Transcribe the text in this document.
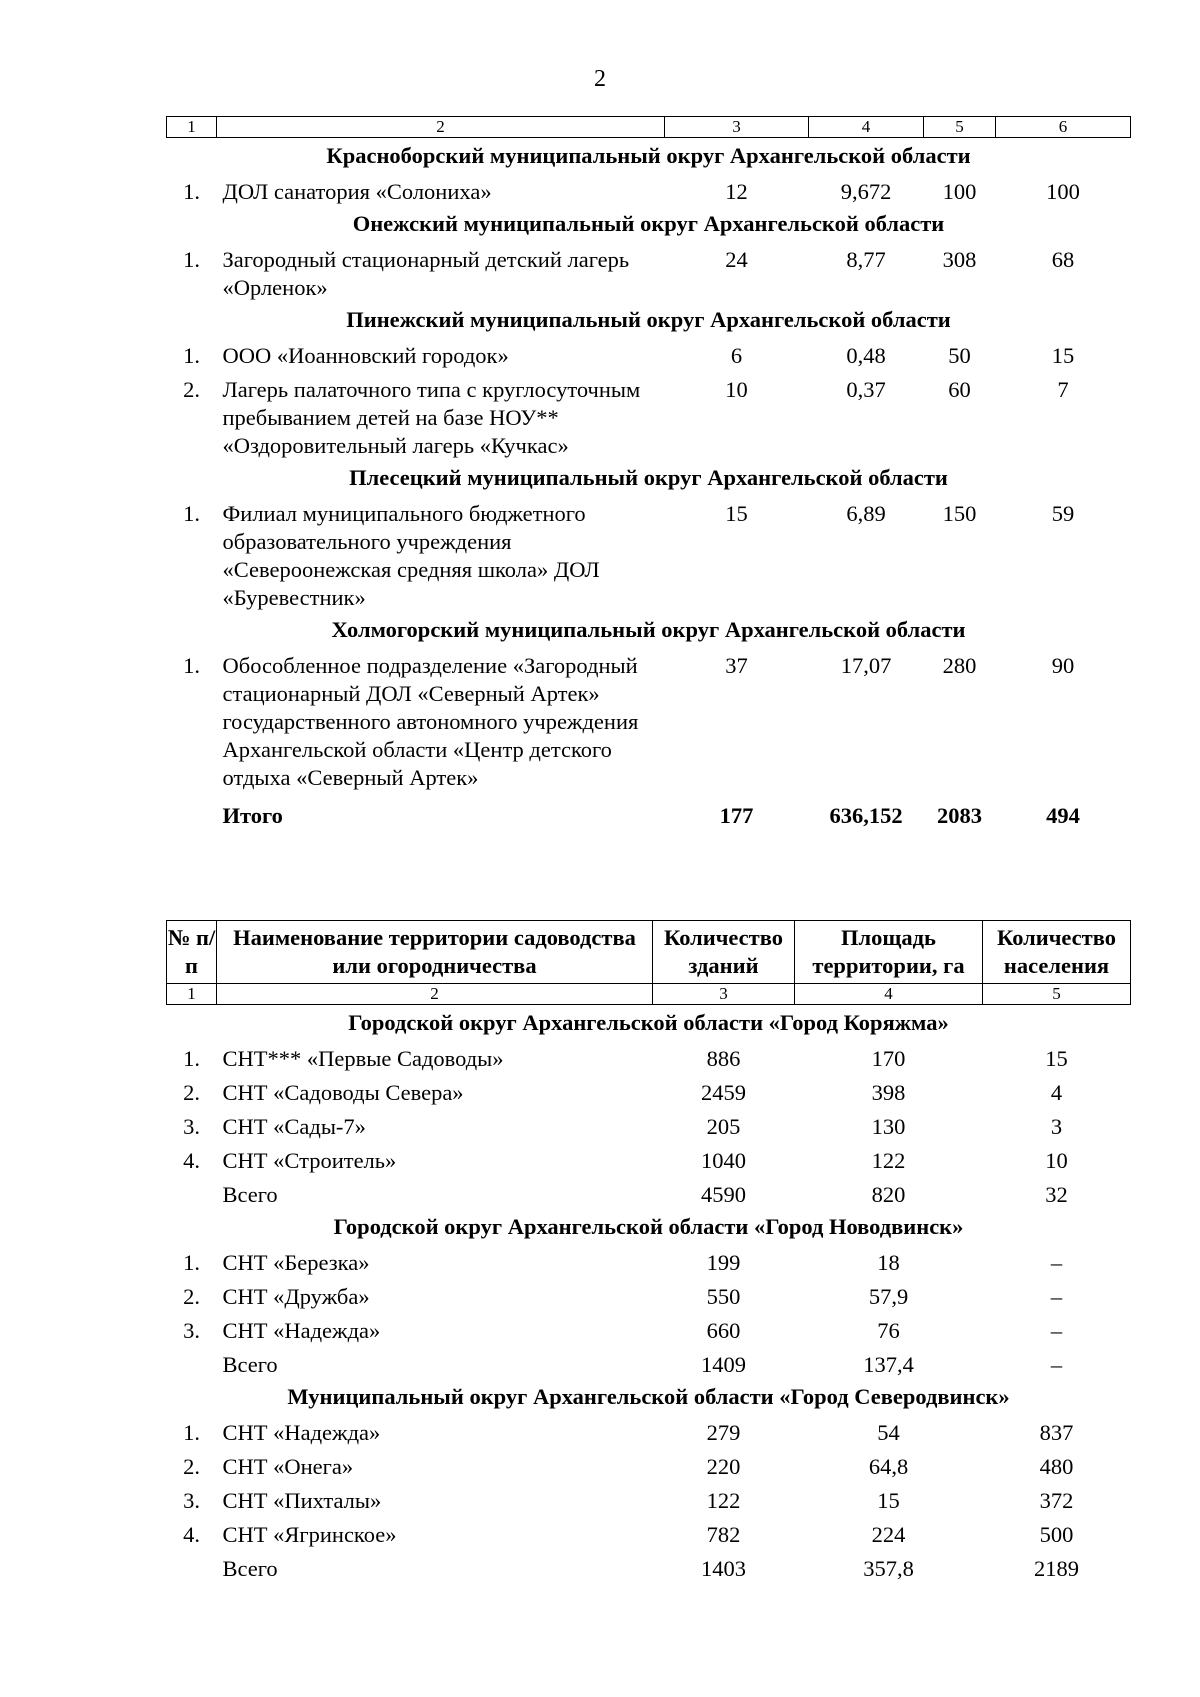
2
1	2	3	4	5	6
Красноборский муниципальный округ Архангельской области					
1.	ДОЛ санатория «Солониха»	12	9,672	100	100
Онежский муниципальный округ Архангельской области					
1.	Загородный стационарный детский лагерь «Орленок»	24	8,77	308	68
Пинежский муниципальный округ Архангельской области					
1.	ООО «Иоанновский городок»	6	0,48	50	15
2.	Лагерь палаточного типа с круглосуточным пребыванием детей на базе НОУ** «Оздоровительный лагерь «Кучкас»	10	0,37	60	7
Плесецкий муниципальный округ Архангельской области					
1.	Филиал муниципального бюджетного образовательного учреждения «Североонежская средняя школа» ДОЛ «Буревестник»	15	6,89	150	59
Холмогорский муниципальный округ Архангельской области					
1.	Обособленное подразделение «Загородный стационарный ДОЛ «Северный Артек» государственного автономного учреждения Архангельской области «Центр детского отдыха «Северный Артек»	37	17,07	280	90
	Итого	177	636,152	2083	494
№ п/п	Наименование территории садоводства или огородничества	Количество зданий	Площадь территории, га	Количество населения
1	2	3	4	5
Городской округ Архангельской области «Город Коряжма»				
1.	СНТ*** «Первые Садоводы»	886	170	15
2.	СНТ «Садоводы Севера»	2459	398	4
3.	СНТ «Сады-7»	205	130	3
4.	СНТ «Строитель»	1040	122	10
	Всего	4590	820	32
Городской округ Архангельской области «Город Новодвинск»				
1.	СНТ «Березка»	199	18	–
2.	СНТ «Дружба»	550	57,9	–
3.	СНТ «Надежда»	660	76	–
	Всего	1409	137,4	–
Муниципальный округ Архангельской области «Город Северодвинск»				
1.	СНТ «Надежда»	279	54	837
2.	СНТ «Онега»	220	64,8	480
3.	СНТ «Пихталы»	122	15	372
4.	СНТ «Ягринское»	782	224	500
	Всего	1403	357,8	2189
